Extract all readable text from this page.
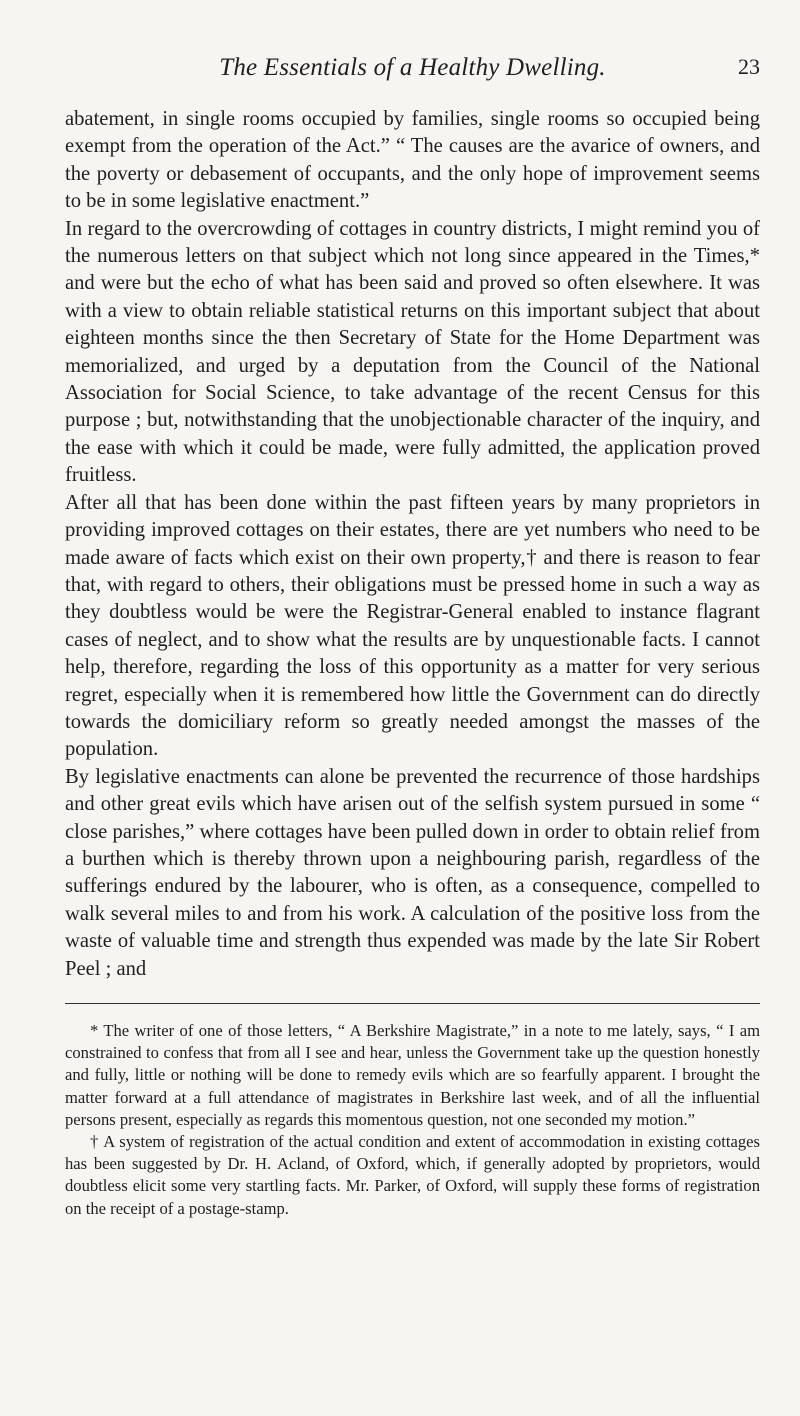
The Essentials of a Healthy Dwelling.	23

abatement, in single rooms occupied by families, single rooms so occupied being exempt from the operation of the Act.” “ The causes are the avarice of owners, and the poverty or debasement of occupants, and the only hope of improvement seems to be in some legislative enactment.”

In regard to the overcrowding of cottages in country districts, I might remind you of the numerous letters on that subject which not long since appeared in the Times,* and were but the echo of what has been said and proved so often elsewhere. It was with a view to obtain reliable statistical returns on this important subject that about eighteen months since the then Secretary of State for the Home Department was memorialized, and urged by a deputation from the Council of the National Association for Social Science, to take advantage of the recent Census for this purpose ; but, notwithstanding that the unobjectionable character of the inquiry, and the ease with which it could be made, were fully admitted, the application proved fruitless.

After all that has been done within the past fifteen years by many proprietors in providing improved cottages on their estates, there are yet numbers who need to be made aware of facts which exist on their own property,† and there is reason to fear that, with regard to others, their obligations must be pressed home in such a way as they doubtless would be were the Registrar-General enabled to instance flagrant cases of neglect, and to show what the results are by unquestionable facts. I cannot help, therefore, regarding the loss of this opportunity as a matter for very serious regret, especially when it is remembered how little the Government can do directly towards the domiciliary reform so greatly needed amongst the masses of the population.

By legislative enactments can alone be prevented the recurrence of those hardships and other great evils which have arisen out of the selfish system pursued in some “ close parishes,” where cottages have been pulled down in order to obtain relief from a burthen which is thereby thrown upon a neighbouring parish, regardless of the sufferings endured by the labourer, who is often, as a consequence, compelled to walk several miles to and from his work. A calculation of the positive loss from the waste of valuable time and strength thus expended was made by the late Sir Robert Peel ; and

* The writer of one of those letters, “ A Berkshire Magistrate,” in a note to me lately, says, “ I am constrained to confess that from all I see and hear, unless the Government take up the question honestly and fully, little or nothing will be done to remedy evils which are so fearfully apparent. I brought the matter forward at a full attendance of magistrates in Berkshire last week, and of all the influential persons present, especially as regards this momentous question, not one seconded my motion.”

† A system of registration of the actual condition and extent of accommodation in existing cottages has been suggested by Dr. H. Acland, of Oxford, which, if generally adopted by proprietors, would doubtless elicit some very startling facts. Mr. Parker, of Oxford, will supply these forms of registration on the receipt of a postage-stamp.
